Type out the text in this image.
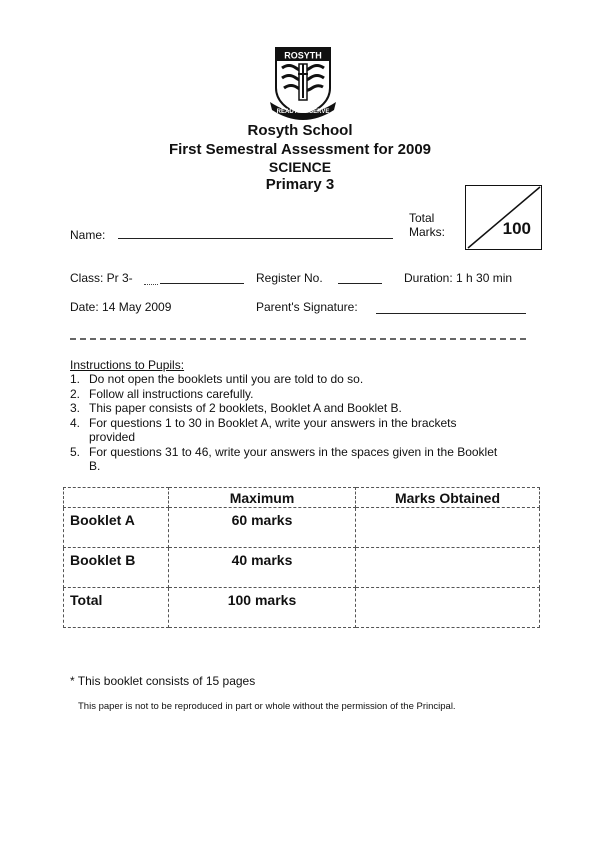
ROSYTH
READY TO SERVE
Rosyth School
First Semestral Assessment for 2009
SCIENCE
Primary 3
Name:
Total
Marks:	100
Class: Pr 3-	Register No.	Duration: 1 h 30 min
Date: 14 May 2009	Parent's Signature:
Instructions to Pupils:
1. Do not open the booklets until you are told to do so.
2. Follow all instructions carefully.
3. This paper consists of 2 booklets, Booklet A and Booklet B.
4. For questions 1 to 30 in Booklet A, write your answers in the brackets provided
5. For questions 31 to 46, write your answers in the spaces given in the Booklet B.
	Maximum	Marks Obtained
Booklet A	60 marks	
Booklet B	40 marks	
Total	100 marks	
* This booklet consists of 15 pages
This paper is not to be reproduced in part or whole without the permission of the Principal.
